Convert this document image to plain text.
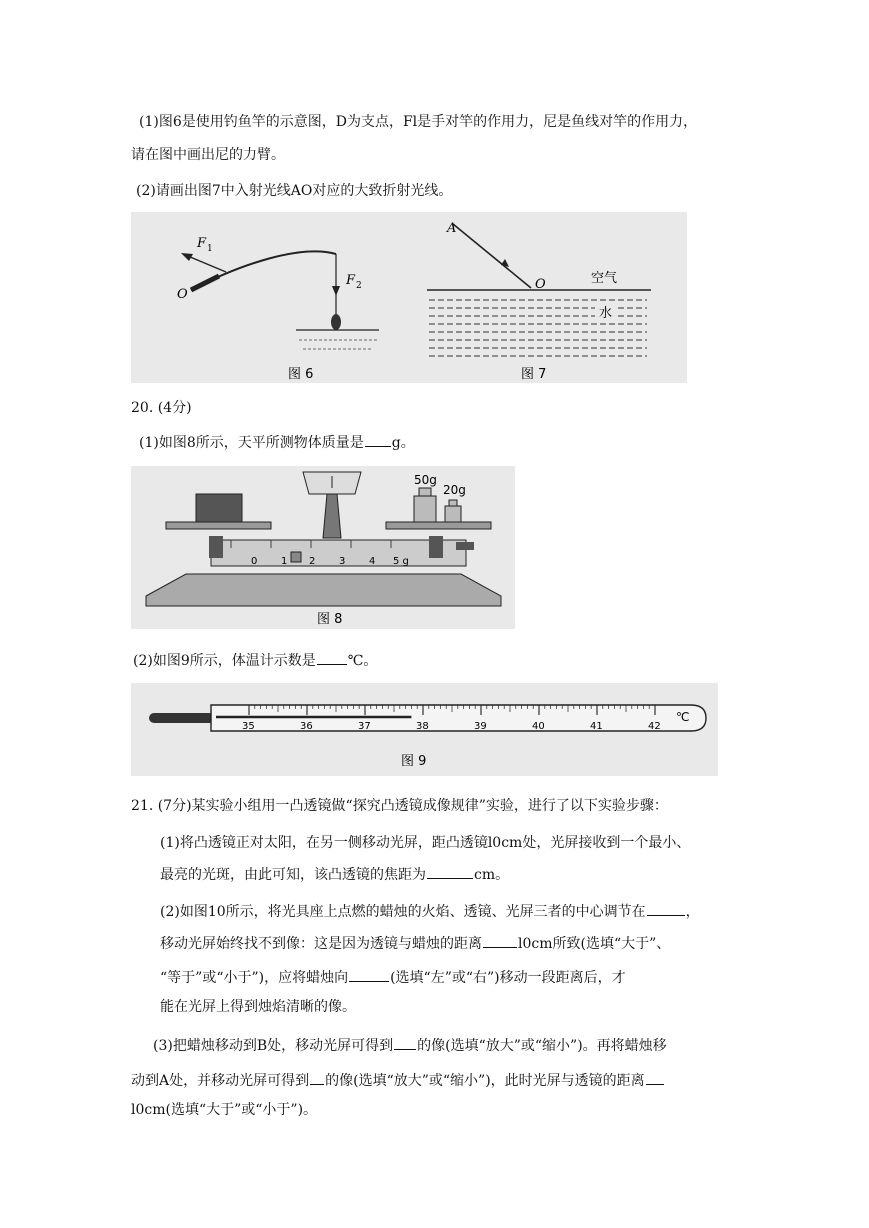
(1)图6是使用钓鱼竿的示意图，D为支点，Fl是手对竿的作用力，尼是鱼线对竿的作用力，
请在图中画出尼的力臂。
(2)请画出图7中入射光线AO对应的大致折射光线。
O
F 1
F 2
图 6
A
O	空气
水
图 7
20. (4分)
(1)如图8所示，天平所测物体质量是 g。
50g
20g
0 1 2 3 4 5 g
图 8
(2)如图9所示，体温计示数是 ℃。
35	36	37	38	39	40	41	42
℃
图 9
21. (7分)某实验小组用一凸透镜做“探究凸透镜成像规律”实验，进行了以下实验步骤：
(1)将凸透镜正对太阳，在另一侧移动光屏，距凸透镜l0cm处，光屏接收到一个最小、
最亮的光斑，由此可知，该凸透镜的焦距为	cm。
(2)如图10所示，将光具座上点燃的蜡烛的火焰、透镜、光屏三者的中心调节在	，
移动光屏始终找不到像：这是因为透镜与蜡烛的距离	l0cm所致(选填“大于”、
“等于”或“小于”)，应将蜡烛向	(选填“左”或“右”)移动一段距离后，才
能在光屏上得到烛焰清晰的像。
(3)把蜡烛移动到B处，移动光屏可得到 的像(选填“放大”或“缩小”)。再将蜡烛移
动到A处，并移动光屏可得到 的像(选填“放大”或“缩小”)，此时光屏与透镜的距离
l0cm(选填“大于”或“小于”)。
